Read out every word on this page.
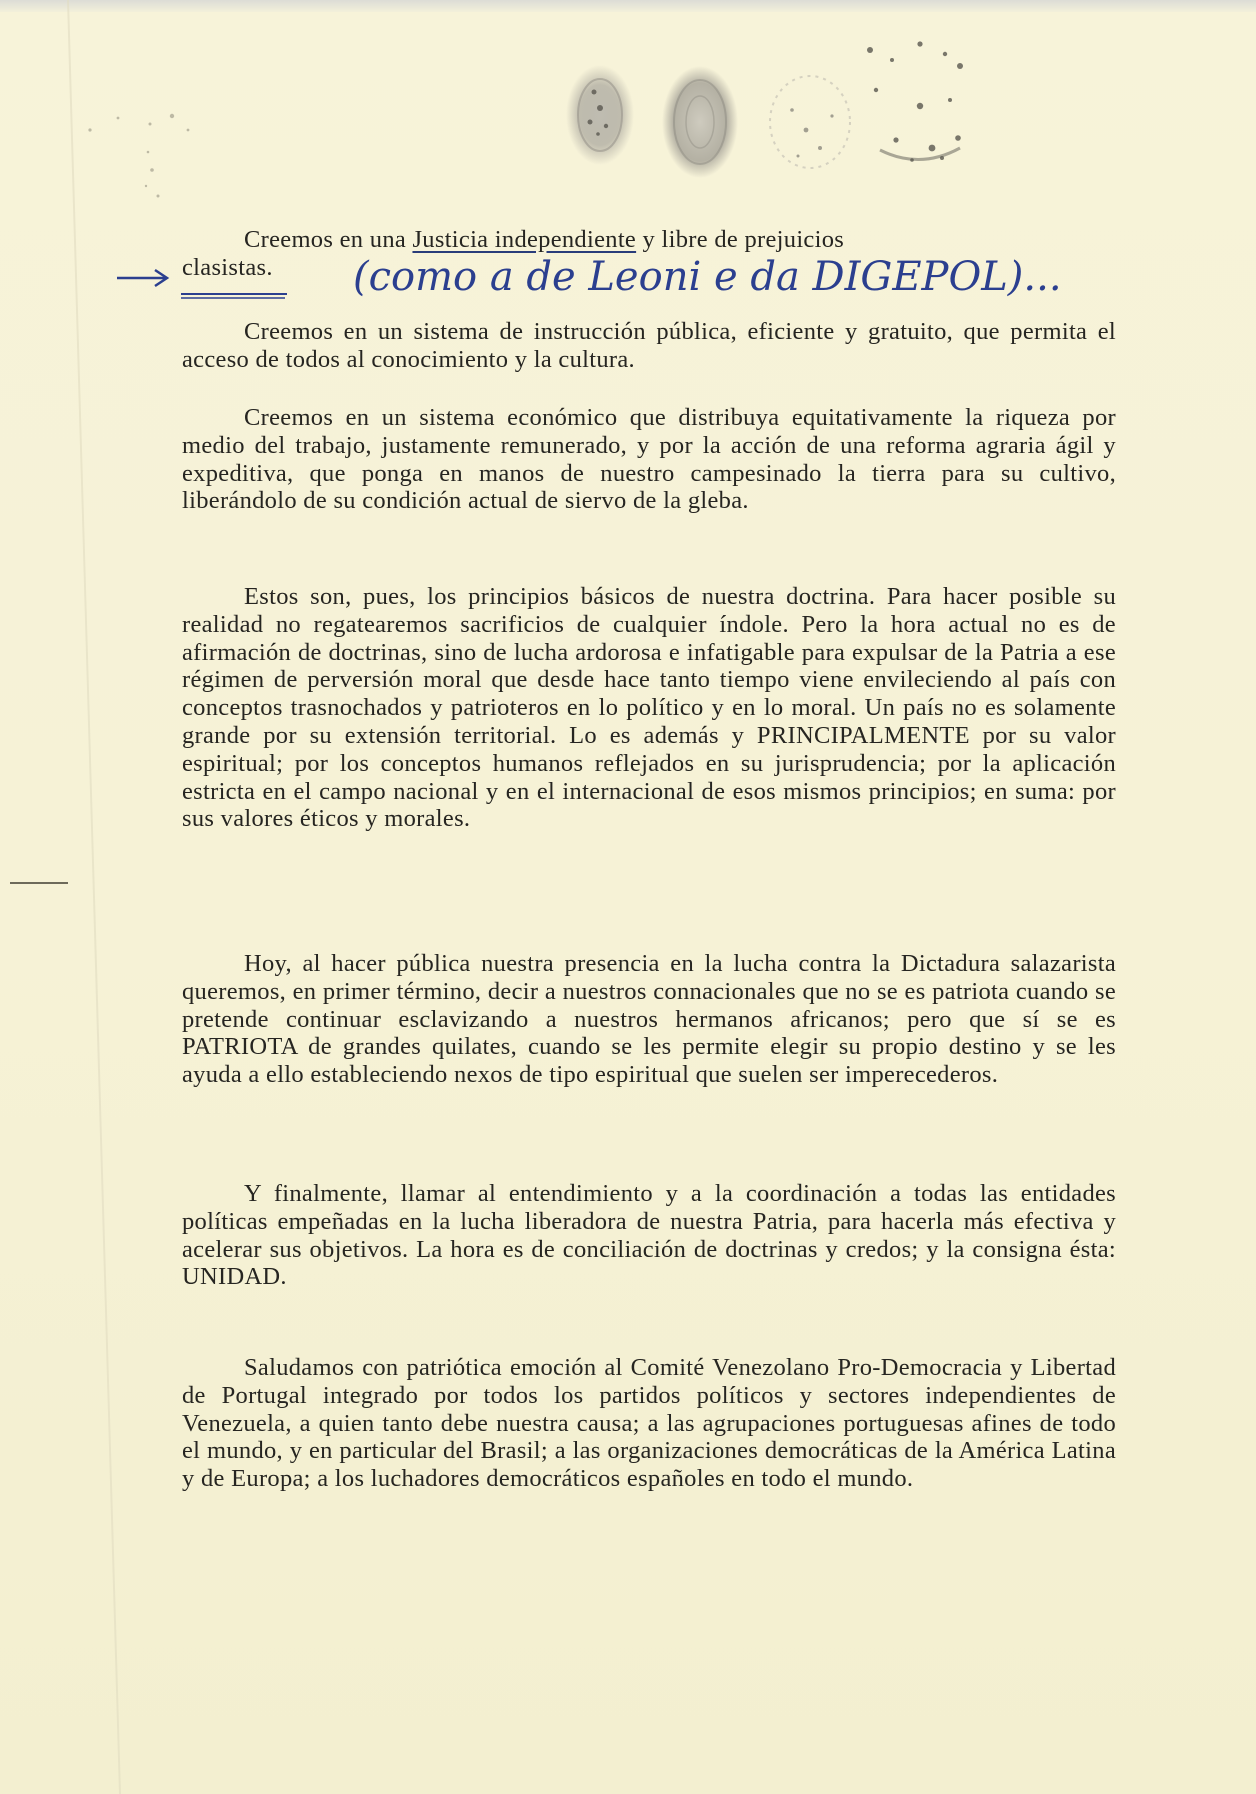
(como a de Leoni e da DIGEPOL)...

Creemos en una Justicia independiente y libre de prejuicios

clasistas.

Creemos en un sistema de instrucción pública, eficiente y gratuito, que permita el acceso de todos al conocimiento y la cultura.

Creemos en un sistema económico que distribuya equitativamente la riqueza por medio del trabajo, justamente remunerado, y por la acción de una reforma agraria ágil y expeditiva, que ponga en manos de nuestro campesinado la tierra para su cultivo, liberándolo de su condición actual de siervo de la gleba.

Estos son, pues, los principios básicos de nuestra doctrina. Para hacer posible su realidad no regatearemos sacrificios de cualquier índole. Pero la hora actual no es de afirmación de doctrinas, sino de lucha ardorosa e infatigable para expulsar de la Patria a ese régimen de perversión moral que desde hace tanto tiempo viene envileciendo al país con conceptos trasnochados y patrioteros en lo político y en lo moral. Un país no es solamente grande por su extensión territorial. Lo es además y PRINCIPALMENTE por su valor espiritual; por los conceptos humanos reflejados en su jurisprudencia; por la aplicación estricta en el campo nacional y en el internacional de esos mismos principios; en suma: por sus valores éticos y morales.

Hoy, al hacer pública nuestra presencia en la lucha contra la Dictadura salazarista queremos, en primer término, decir a nuestros connacionales que no se es patriota cuando se pretende continuar esclavizando a nuestros hermanos africanos; pero que sí se es PATRIOTA de grandes quilates, cuando se les permite elegir su propio destino y se les ayuda a ello estableciendo nexos de tipo espiritual que suelen ser imperecederos.

Y finalmente, llamar al entendimiento y a la coordinación a todas las entidades políticas empeñadas en la lucha liberadora de nuestra Patria, para hacerla más efectiva y acelerar sus objetivos. La hora es de conciliación de doctrinas y credos; y la consigna ésta: UNIDAD.

Saludamos con patriótica emoción al Comité Venezolano Pro-Democracia y Libertad de Portugal integrado por todos los partidos políticos y sectores independientes de Venezuela, a quien tanto debe nuestra causa; a las agrupaciones portuguesas afines de todo el mundo, y en particular del Brasil; a las organizaciones democráticas de la América Latina y de Europa; a los luchadores democráticos españoles en todo el mundo.
